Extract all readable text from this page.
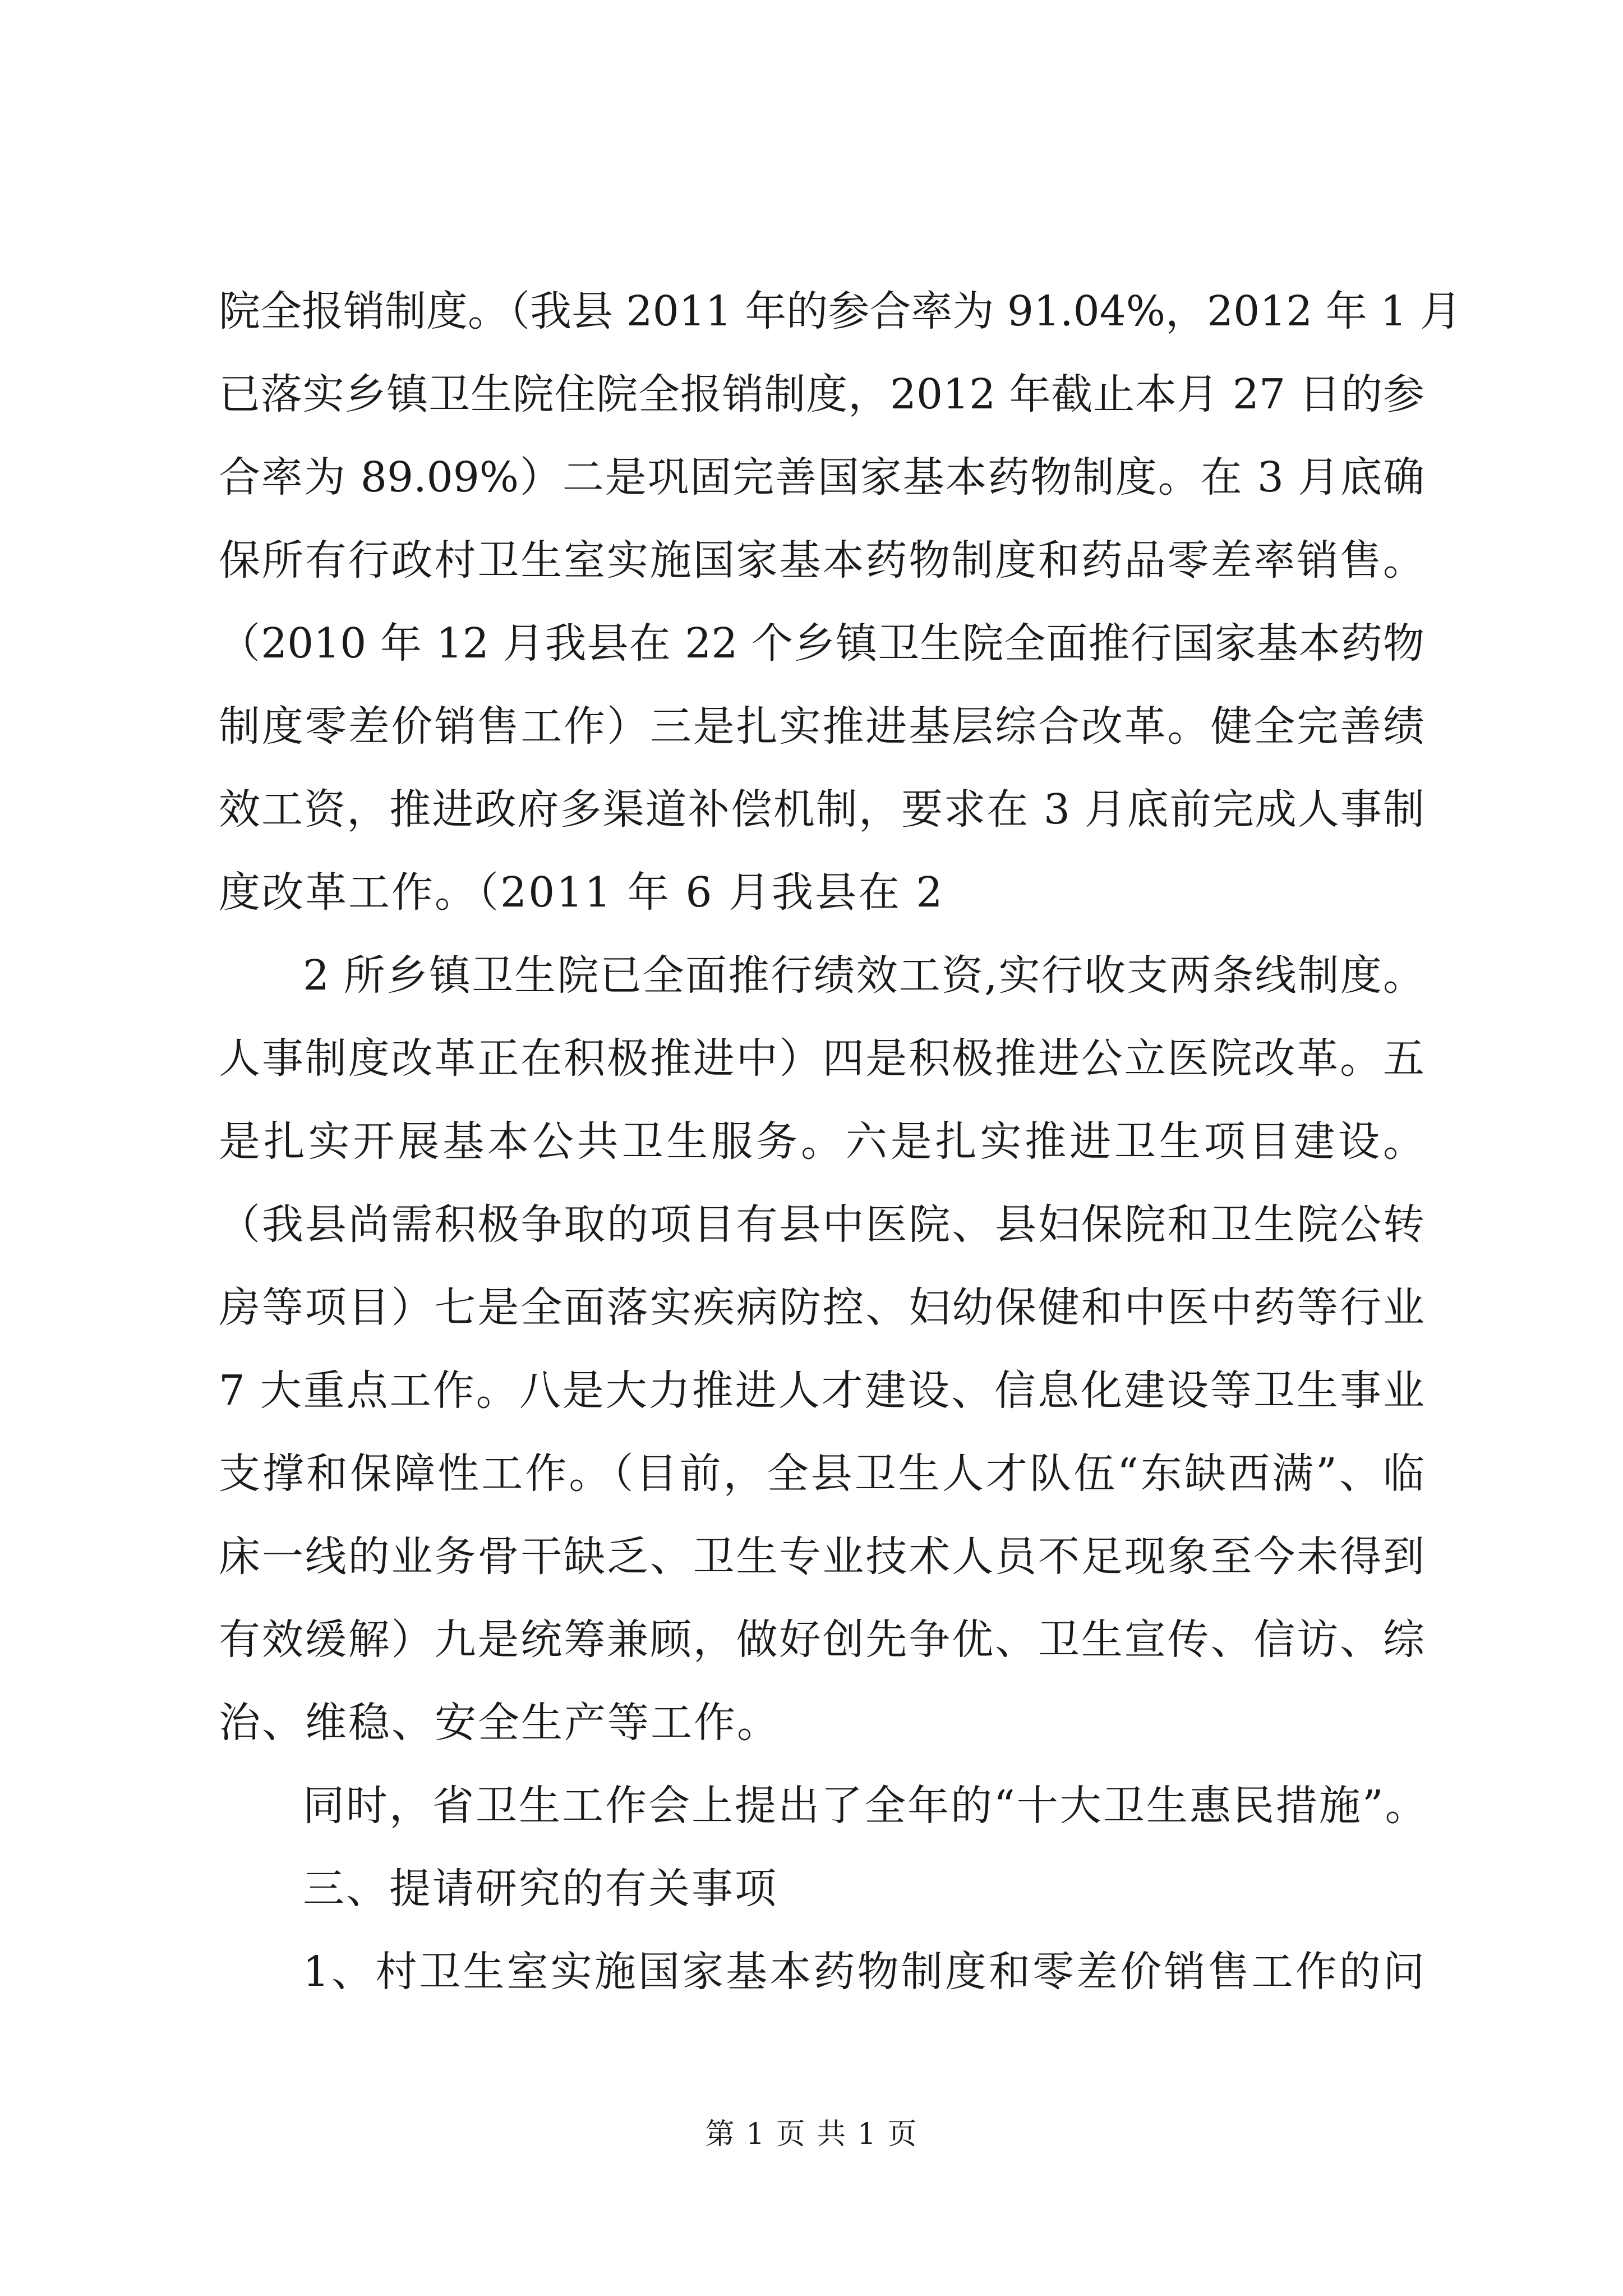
院全报销制度。（我县 2011 年的参合率为 91.04%，2012 年 1 月
已落实乡镇卫生院住院全报销制度，2012 年截止本月 27 日的参
合率为 89.09%）二是巩固完善国家基本药物制度。在 3 月底确
保所有行政村卫生室实施国家基本药物制度和药品零差率销售。
（2010 年 12 月我县在 22 个乡镇卫生院全面推行国家基本药物
制度零差价销售工作）三是扎实推进基层综合改革。健全完善绩
效工资，推进政府多渠道补偿机制，要求在 3 月底前完成人事制
度改革工作。（2011 年 6 月我县在 2
2 所乡镇卫生院已全面推行绩效工资,实行收支两条线制度。
人事制度改革正在积极推进中）四是积极推进公立医院改革。五
是扎实开展基本公共卫生服务。六是扎实推进卫生项目建设。
（我县尚需积极争取的项目有县中医院、县妇保院和卫生院公转
房等项目）七是全面落实疾病防控、妇幼保健和中医中药等行业
7 大重点工作。八是大力推进人才建设、信息化建设等卫生事业
支撑和保障性工作。（目前，全县卫生人才队伍“东缺西满”、临
床一线的业务骨干缺乏、卫生专业技术人员不足现象至今未得到
有效缓解）九是统筹兼顾，做好创先争优、卫生宣传、信访、综
治、维稳、安全生产等工作。
同时，省卫生工作会上提出了全年的“十大卫生惠民措施”。
三、提请研究的有关事项
1、村卫生室实施国家基本药物制度和零差价销售工作的问
第 1 页 共 1 页
